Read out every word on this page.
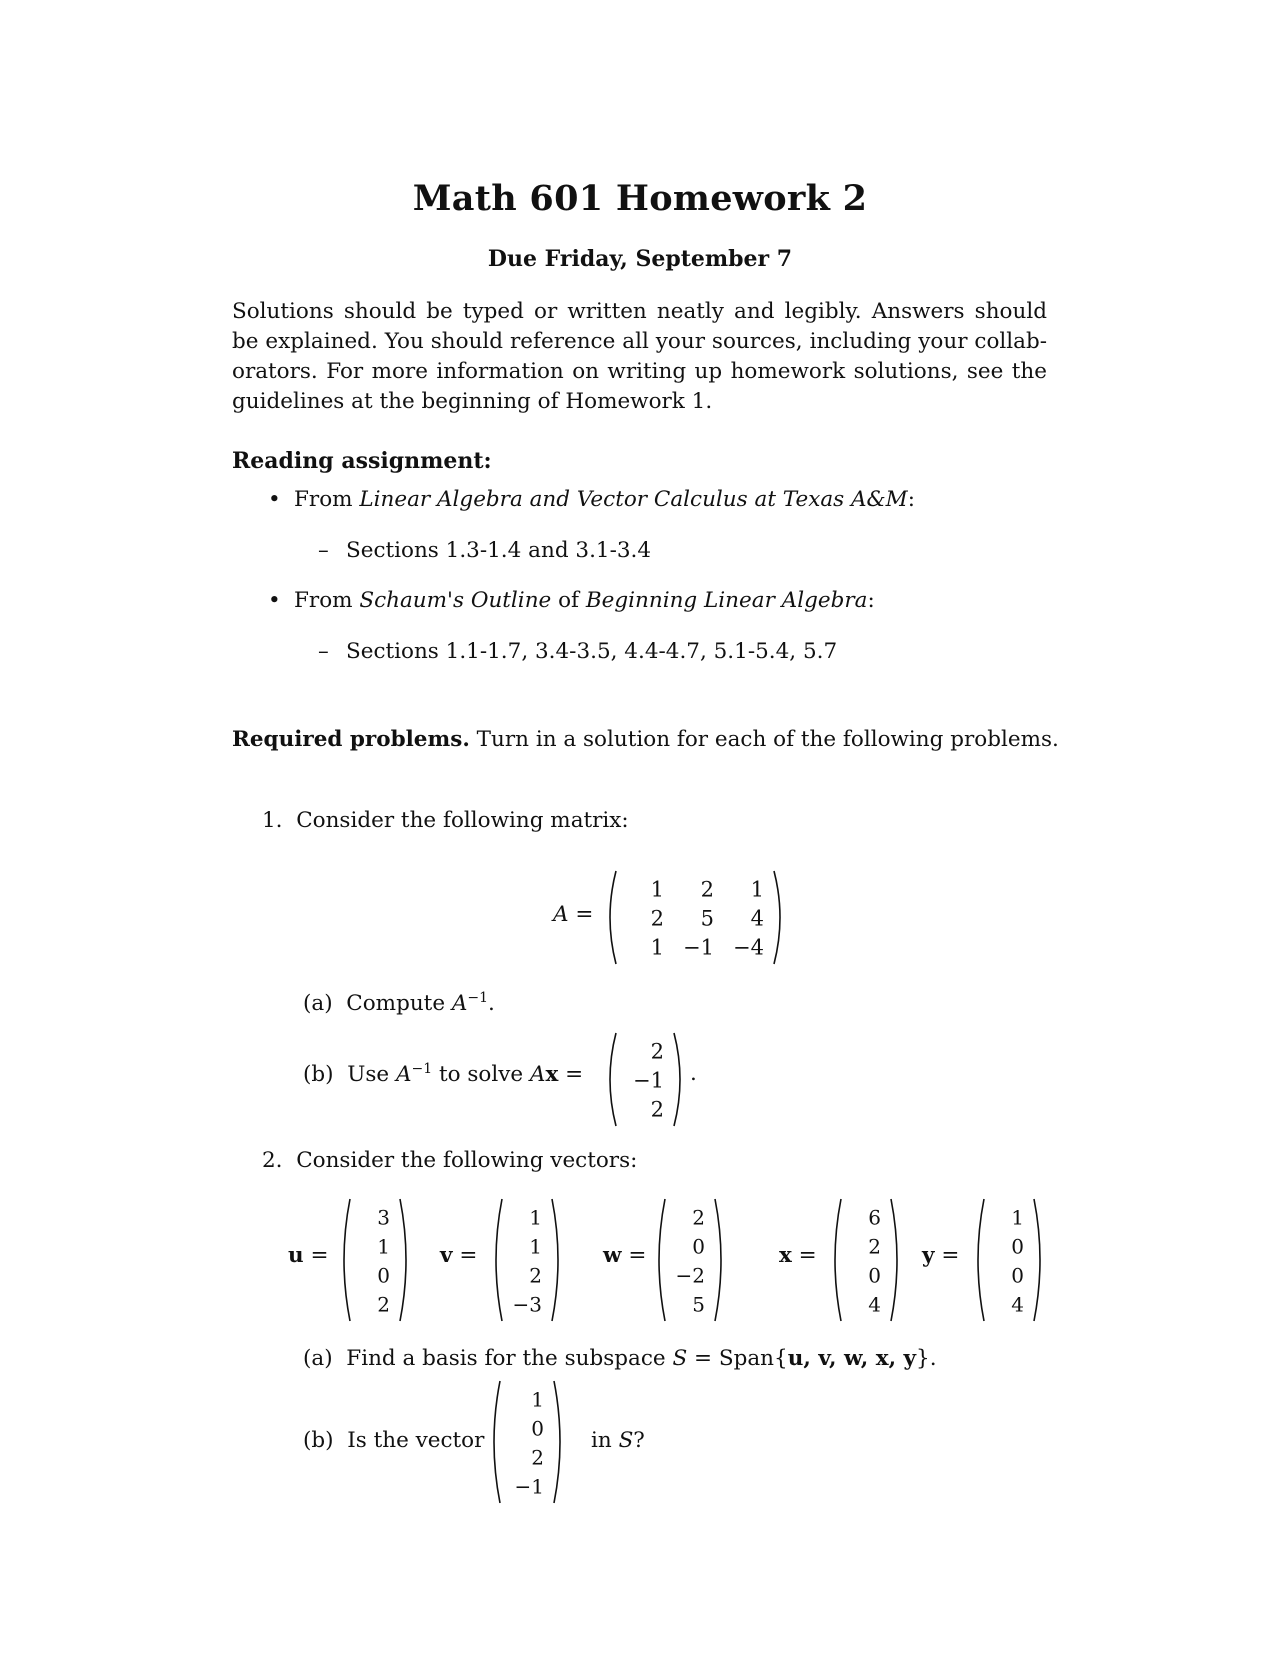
Math 601 Homework 2
Due Friday, September 7
Solutions should be typed or written neatly and legibly. Answers should
be explained. You should reference all your sources, including your collab-
orators. For more information on writing up homework solutions, see the
guidelines at the beginning of Homework 1.
Reading assignment:
• From Linear Algebra and Vector Calculus at Texas A&M:
– Sections 1.3-1.4 and 3.1-3.4
• From Schaum's Outline of Beginning Linear Algebra:
– Sections 1.1-1.7, 3.4-3.5, 4.4-4.7, 5.1-5.4, 5.7
Required problems. Turn in a solution for each of the following problems.
1. Consider the following matrix:
A =
1 2 1
2 5 4
1 −1 −4
(a) Compute $A^{-1}$.
(b) Use $A^{-1}$ to solve Ax =
2
−1
2
2. Consider the following vectors:
u =
3
1
0
2
v =
1
1
2
−3
w =
2
0
−2
5
x =
6
2
0
4
y =
1
0
0
4
(a) Find a basis for the subspace S = Span{u, v, w, x, y}.
(b) Is the vector
1
0
2
−1
in S?
.
